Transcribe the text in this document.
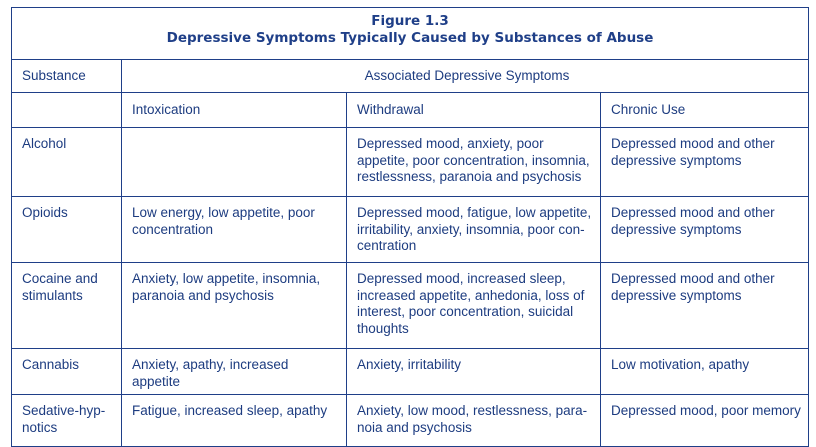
Figure 1.3
Depressive Symptoms Typically Caused by Substances of Abuse			

Substance	Associated Depressive Symptoms		
	Intoxication	Withdrawal	Chronic Use
Alcohol		Depressed mood, anxiety, poor appetite, poor concentration, insomnia, restlessness, paranoia and psychosis	Depressed mood and other depressive symptoms
Opioids	Low energy, low appetite, poor concentration	Depressed mood, fatigue, low appetite, irritability, anxiety, insomnia, poor con-centration	Depressed mood and other depressive symptoms
Cocaine and stimulants	Anxiety, low appetite, insomnia, paranoia and psychosis	Depressed mood, increased sleep, increased appetite, anhedonia, loss of interest, poor concentration, suicidal thoughts	Depressed mood and other depressive symptoms
Cannabis	Anxiety, apathy, increased appetite	Anxiety, irritability	Low motivation, apathy
Sedative-hyp-notics	Fatigue, increased sleep, apathy	Anxiety, low mood, restlessness, para-noia and psychosis	Depressed mood, poor memory
